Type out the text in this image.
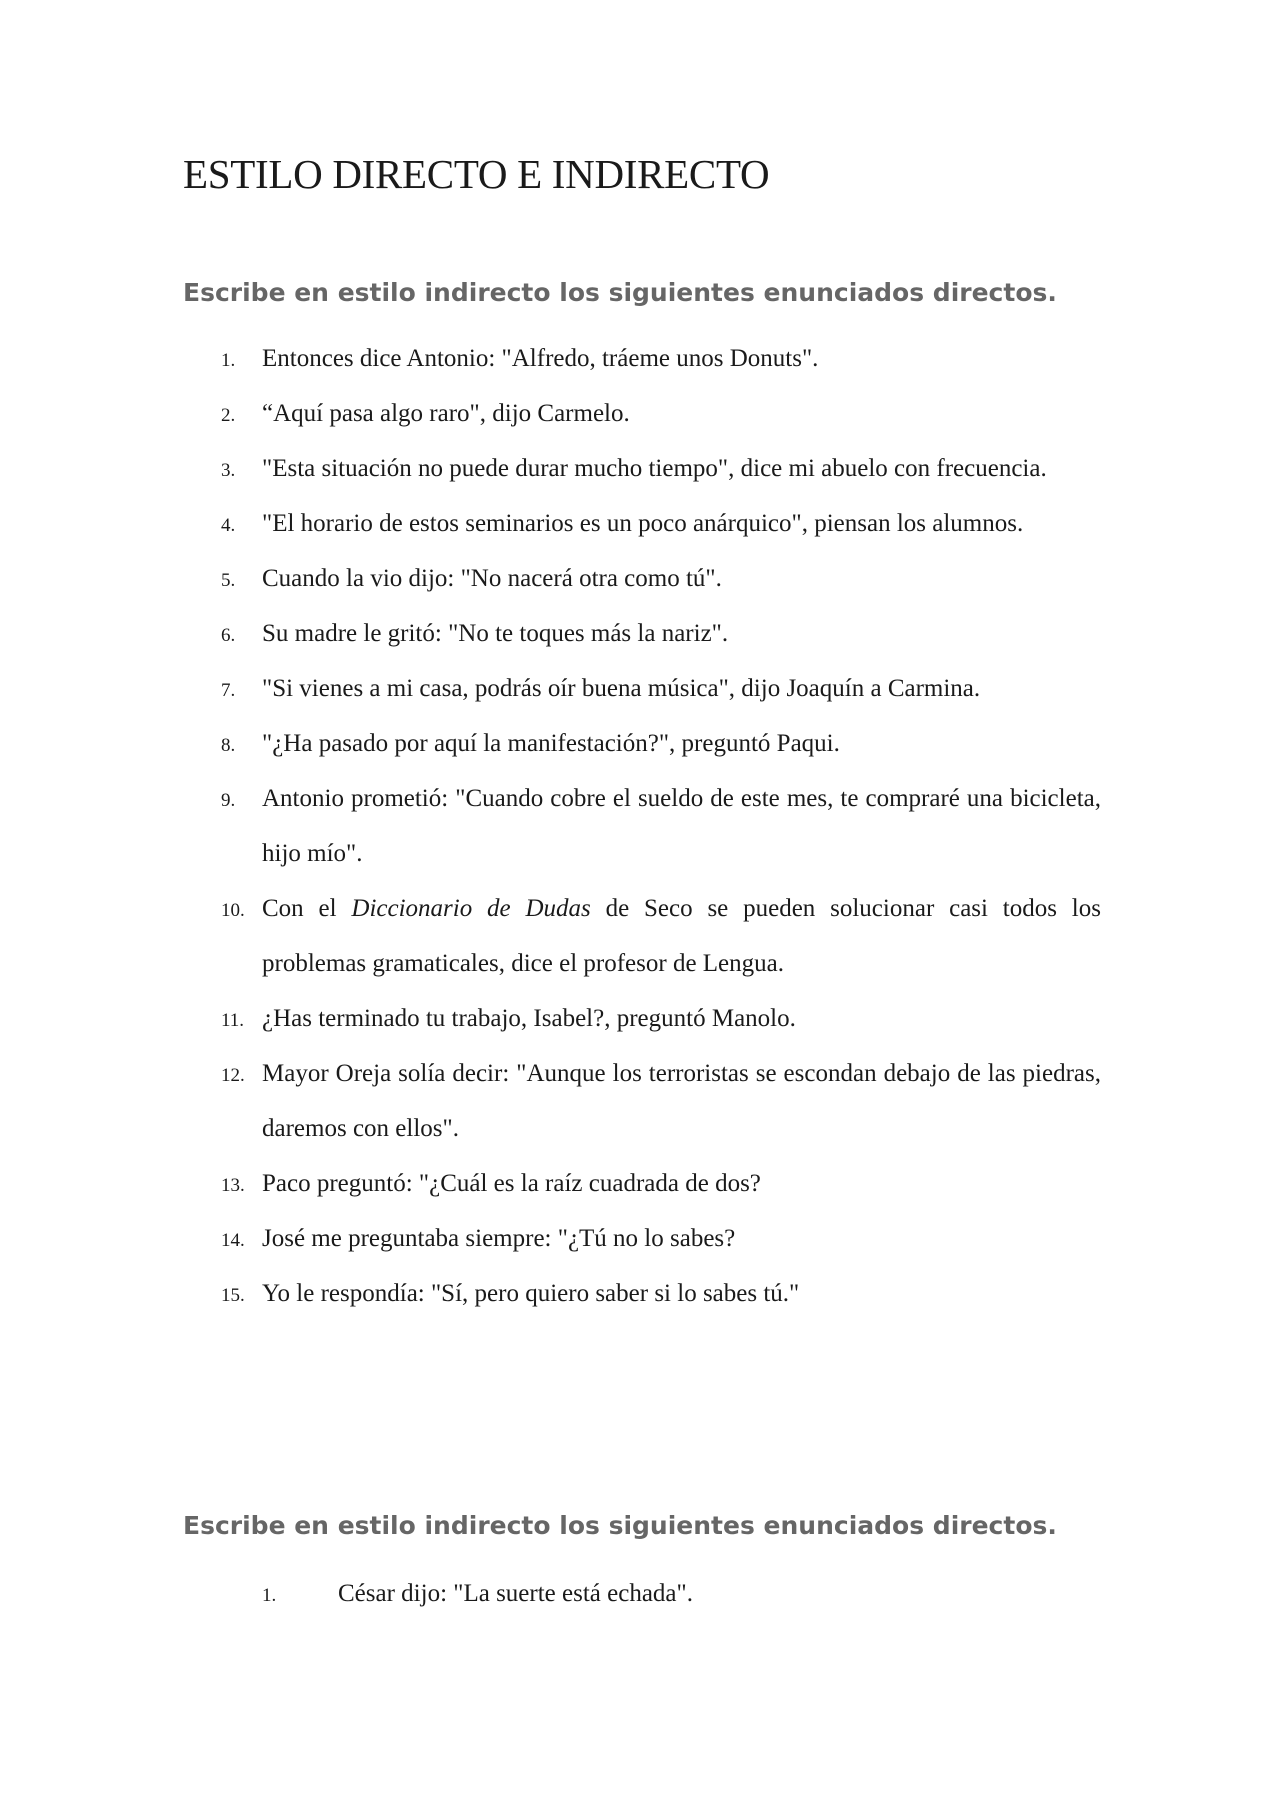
ESTILO DIRECTO E INDIRECTO

Escribe en estilo indirecto los siguientes enunciados directos.

1. Entonces dice Antonio: "Alfredo, tráeme unos Donuts".
2. “Aquí pasa algo raro", dijo Carmelo.
3. "Esta situación no puede durar mucho tiempo", dice mi abuelo con frecuencia.
4. "El horario de estos seminarios es un poco anárquico", piensan los alumnos.
5. Cuando la vio dijo: "No nacerá otra como tú".
6. Su madre le gritó: "No te toques más la nariz".
7. "Si vienes a mi casa, podrás oír buena música", dijo Joaquín a Carmina.
8. "¿Ha pasado por aquí la manifestación?", preguntó Paqui.
9. Antonio prometió: "Cuando cobre el sueldo de este mes, te compraré una bicicleta, hijo mío".
10. Con el Diccionario de Dudas de Seco se pueden solucionar casi todos los problemas gramaticales, dice el profesor de Lengua.
11. ¿Has terminado tu trabajo, Isabel?, preguntó Manolo.
12. Mayor Oreja solía decir: "Aunque los terroristas se escondan debajo de las piedras, daremos con ellos".
13. Paco preguntó: "¿Cuál es la raíz cuadrada de dos?
14. José me preguntaba siempre: "¿Tú no lo sabes?
15. Yo le respondía: "Sí, pero quiero saber si lo sabes tú."

Escribe en estilo indirecto los siguientes enunciados directos.

1. César dijo: "La suerte está echada".
